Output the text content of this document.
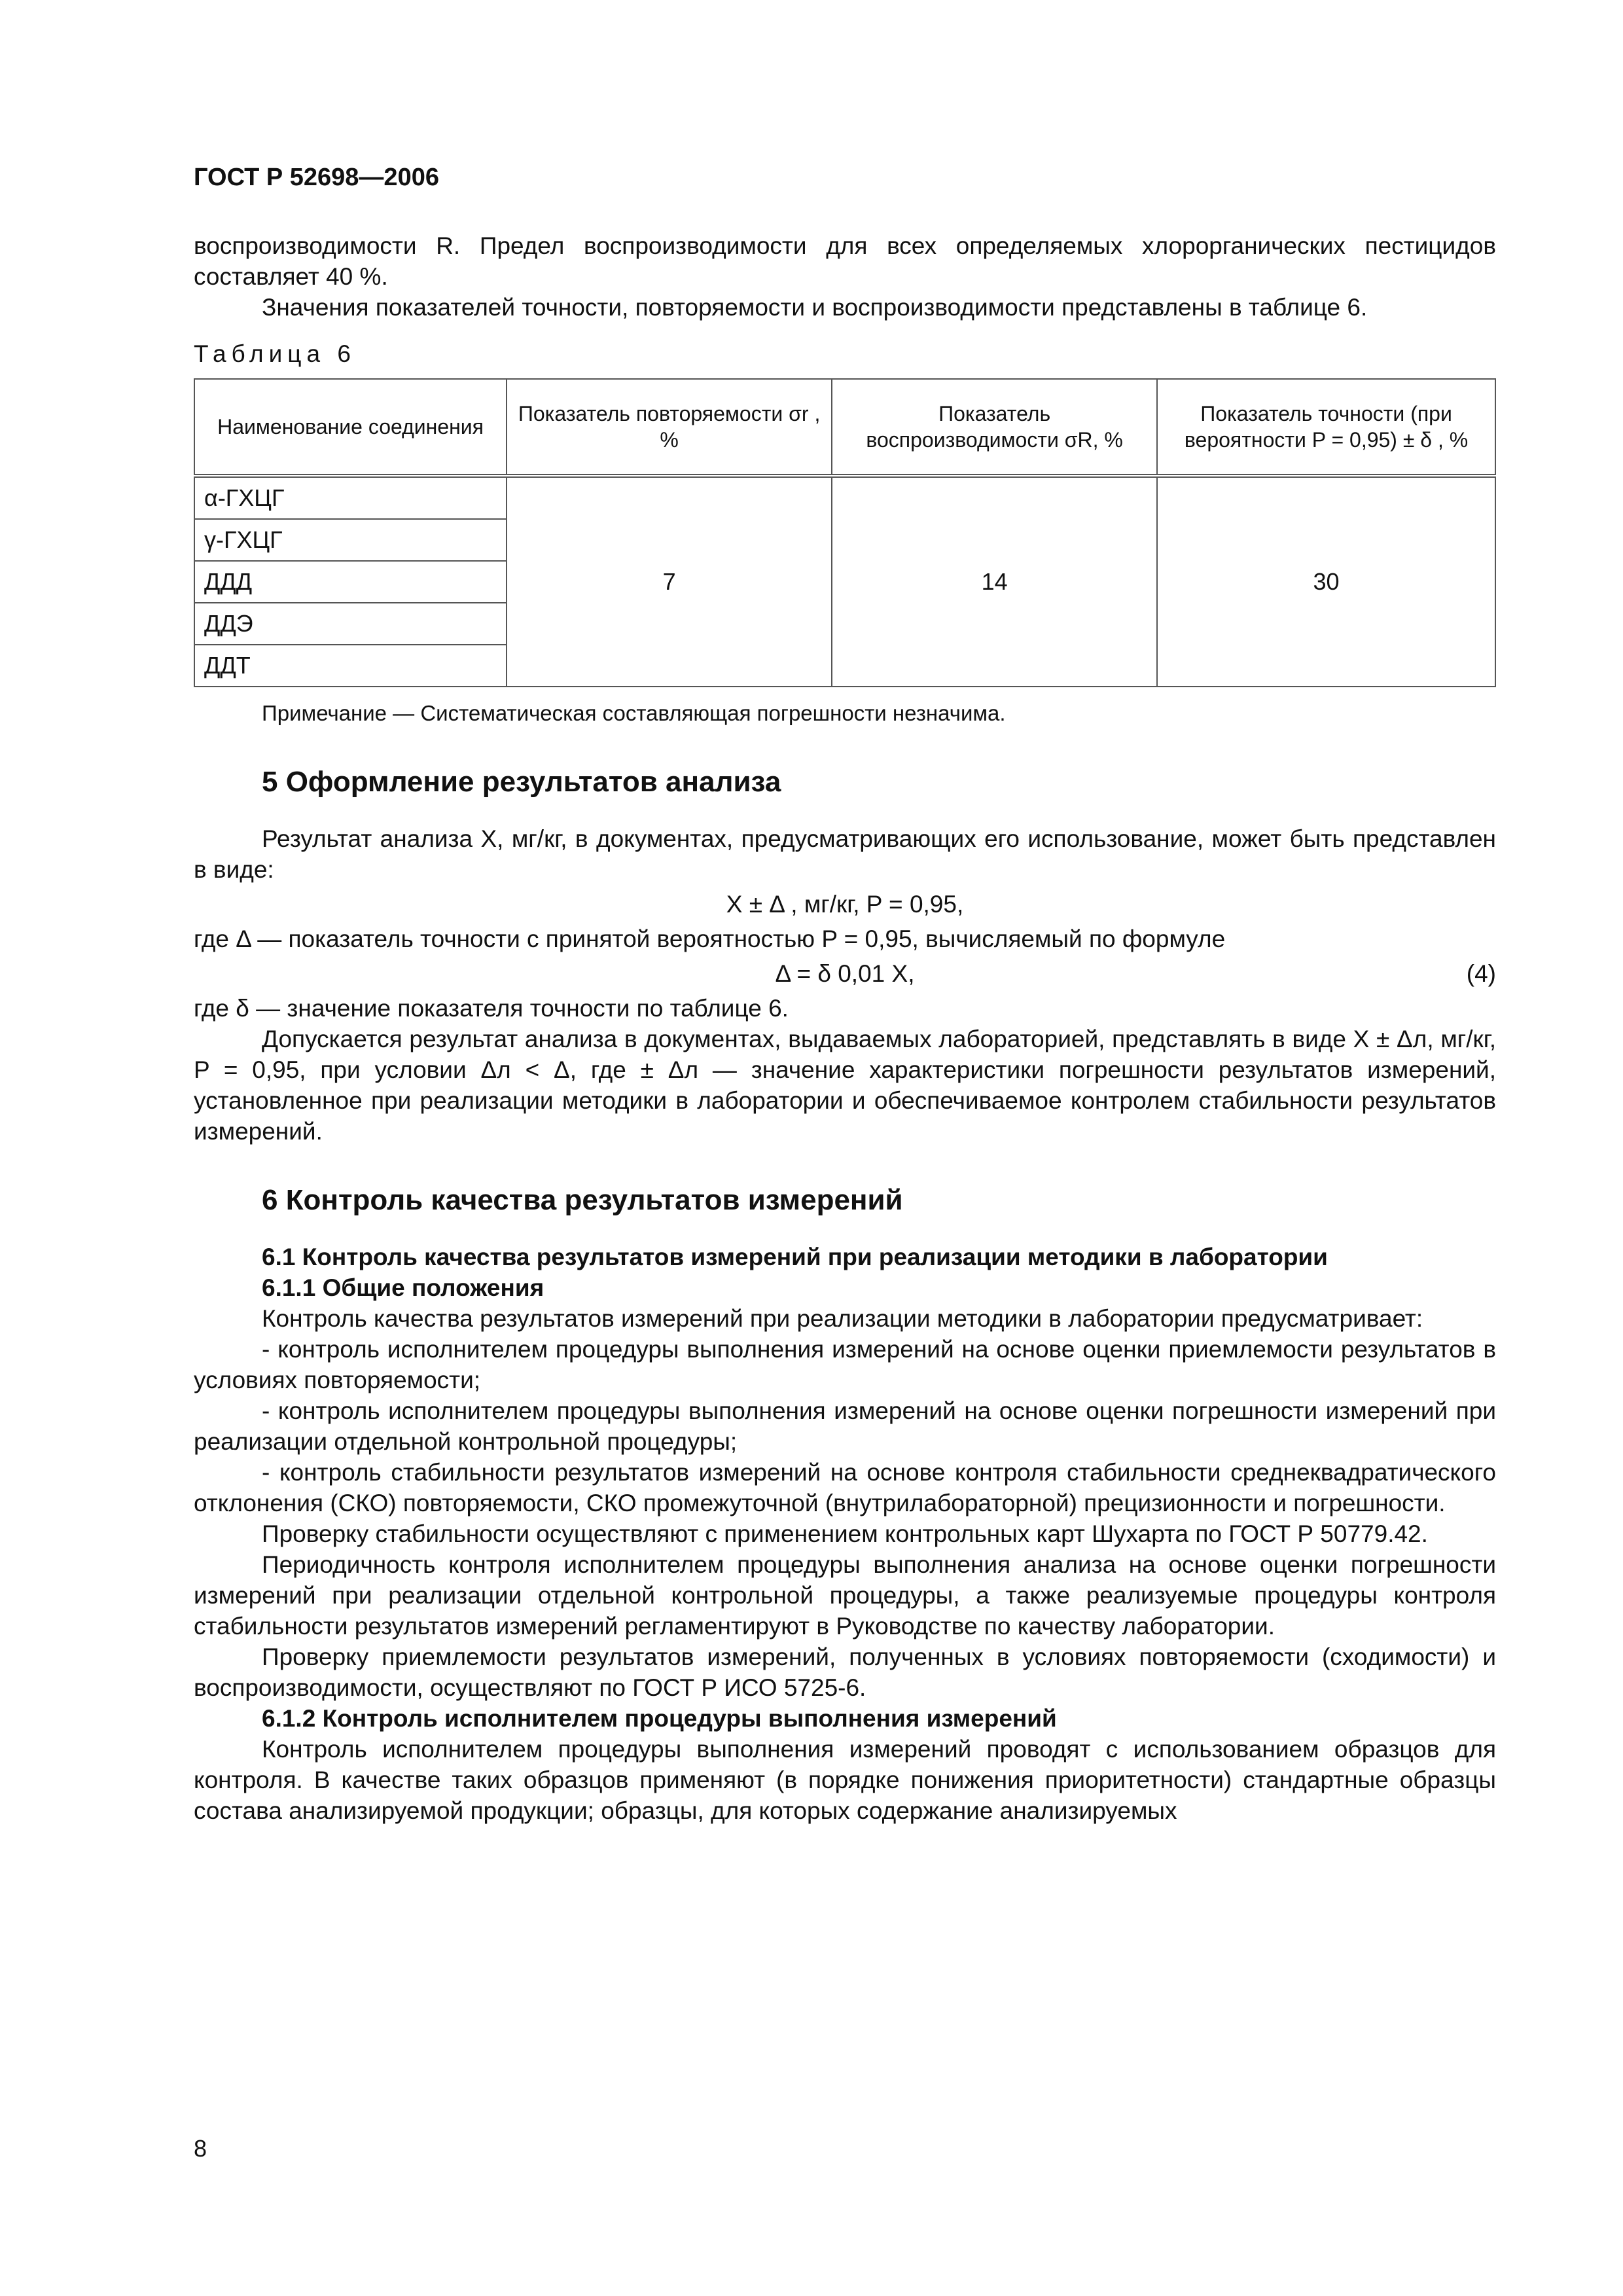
ГОСТ Р 52698—2006

воспроизводимости R. Предел воспроизводимости для всех определяемых хлорорганических пестицидов составляет 40 %.

Значения показателей точности, повторяемости и воспроизводимости представлены в таблице 6.

Таблица 6
Наименование соединения	Показатель повторяемости σr , %	Показатель воспроизводимости σR, %	Показатель точности (при вероятности P = 0,95) ± δ , %
α-ГХЦГ	7	14	30
γ-ГХЦГ			
ДДД			
ДДЭ			
ДДТ			
Примечание — Систематическая составляющая погрешности незначима.
5 Оформление результатов анализа

Результат анализа X, мг/кг, в документах, предусматривающих его использование, может быть представлен в виде:

X ± Δ , мг/кг, P = 0,95,

где Δ — показатель точности с принятой вероятностью P = 0,95, вычисляемый по формуле

Δ = δ 0,01 X,	(4)

где δ — значение показателя точности по таблице 6.

Допускается результат анализа в документах, выдаваемых лабораторией, представлять в виде X ± Δл, мг/кг, P = 0,95, при условии Δл < Δ, где ± Δл — значение характеристики погрешности результатов измерений, установленное при реализации методики в лаборатории и обеспечиваемое контролем стабильности результатов измерений.

6 Контроль качества результатов измерений
6.1 Контроль качества результатов измерений при реализации методики в лаборатории
6.1.1 Общие положения

Контроль качества результатов измерений при реализации методики в лаборатории предусматривает:

- контроль исполнителем процедуры выполнения измерений на основе оценки приемлемости результатов в условиях повторяемости;

- контроль исполнителем процедуры выполнения измерений на основе оценки погрешности измерений при реализации отдельной контрольной процедуры;

- контроль стабильности результатов измерений на основе контроля стабильности среднеквадратического отклонения (СКО) повторяемости, СКО промежуточной (внутрилабораторной) прецизионности и погрешности.

Проверку стабильности осуществляют с применением контрольных карт Шухарта по ГОСТ Р 50779.42.

Периодичность контроля исполнителем процедуры выполнения анализа на основе оценки погрешности измерений при реализации отдельной контрольной процедуры, а также реализуемые процедуры контроля стабильности результатов измерений регламентируют в Руководстве по качеству лаборатории.

Проверку приемлемости результатов измерений, полученных в условиях повторяемости (сходимости) и воспроизводимости, осуществляют по ГОСТ Р ИСО 5725-6.

6.1.2 Контроль исполнителем процедуры выполнения измерений

Контроль исполнителем процедуры выполнения измерений проводят с использованием образцов для контроля. В качестве таких образцов применяют (в порядке понижения приоритетности) стандартные образцы состава анализируемой продукции; образцы, для которых содержание анализируемых

8
